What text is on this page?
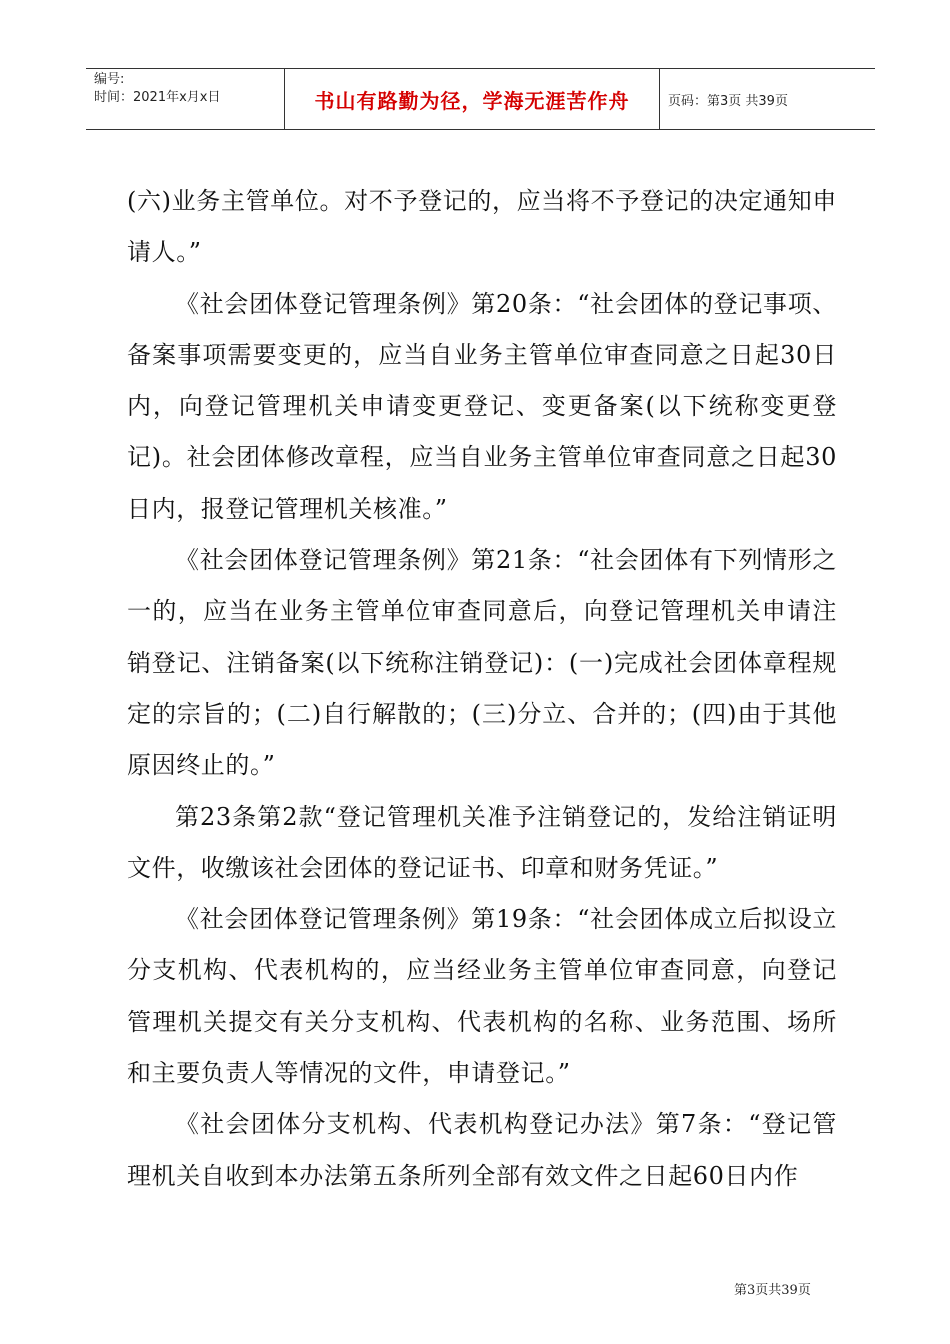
编号:
时间：2021年x月x日	书山有路勤为径，学海无涯苦作舟	页码：第3页 共39页

(六)业务主管单位。对不予登记的，应当将不予登记的决定通知申请人。”

《社会团体登记管理条例》第20条：“社会团体的登记事项、备案事项需要变更的，应当自业务主管单位审查同意之日起30日内，向登记管理机关申请变更登记、变更备案(以下统称变更登记)。社会团体修改章程，应当自业务主管单位审查同意之日起30日内，报登记管理机关核准。”

《社会团体登记管理条例》第21条：“社会团体有下列情形之一的，应当在业务主管单位审查同意后，向登记管理机关申请注销登记、注销备案(以下统称注销登记)：(一)完成社会团体章程规定的宗旨的；(二)自行解散的；(三)分立、合并的；(四)由于其他原因终止的。”

第23条第2款“登记管理机关准予注销登记的，发给注销证明文件，收缴该社会团体的登记证书、印章和财务凭证。”

《社会团体登记管理条例》第19条：“社会团体成立后拟设立分支机构、代表机构的，应当经业务主管单位审查同意，向登记管理机关提交有关分支机构、代表机构的名称、业务范围、场所和主要负责人等情况的文件，申请登记。”

《社会团体分支机构、代表机构登记办法》第7条：“登记管理机关自收到本办法第五条所列全部有效文件之日起60日内作

第3页共39页
